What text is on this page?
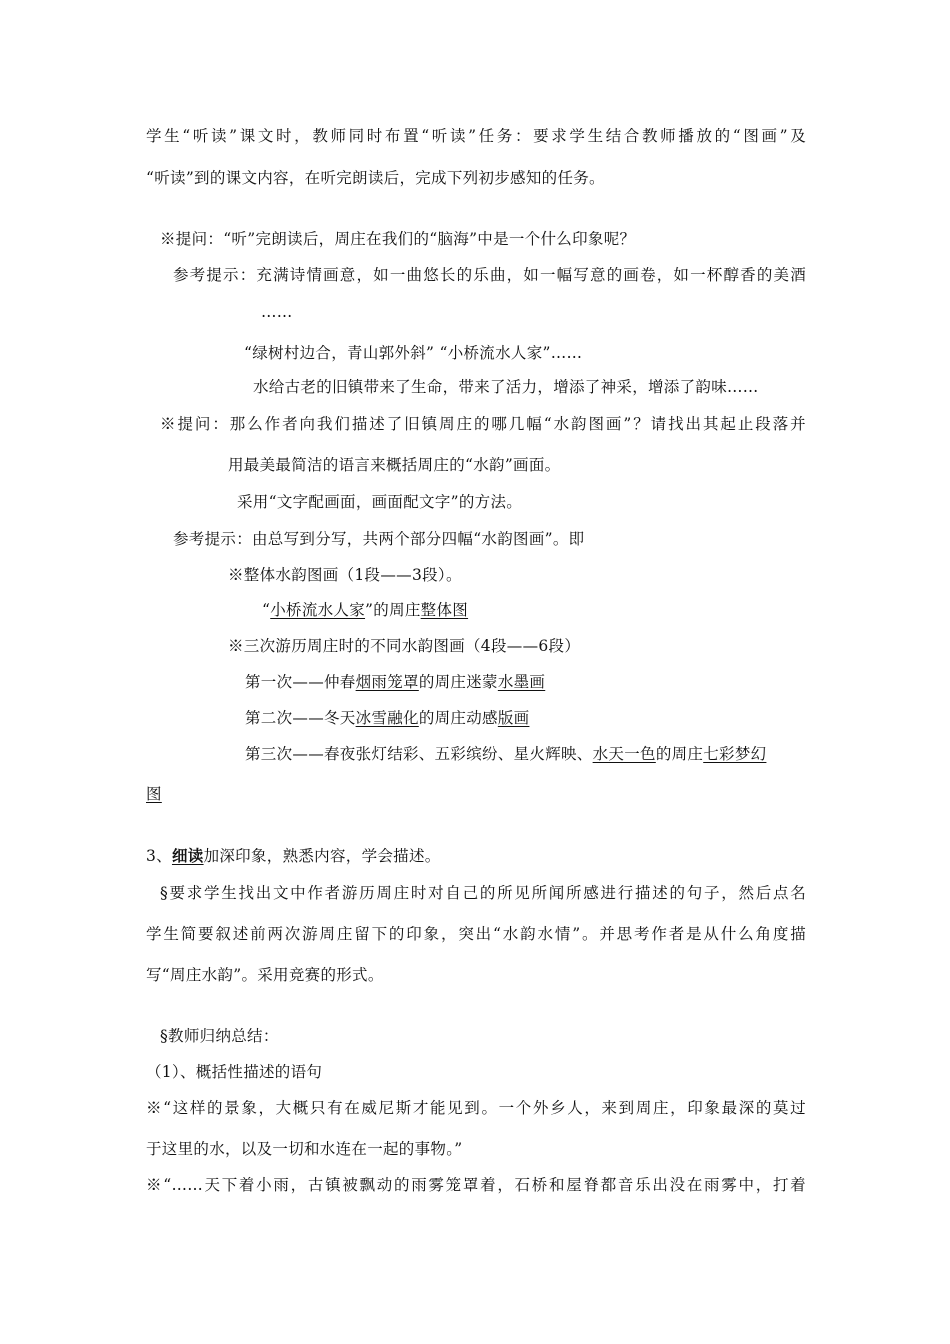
学生“听读”课文时，教师同时布置“听读”任务：要求学生结合教师播放的“图画”及
“听读”到的课文内容，在听完朗读后，完成下列初步感知的任务。
※提问：“听”完朗读后，周庄在我们的“脑海”中是一个什么印象呢？
参考提示：充满诗情画意，如一曲悠长的乐曲，如一幅写意的画卷，如一杯醇香的美酒
……
“绿树村边合，青山郭外斜” “小桥流水人家”……
水给古老的旧镇带来了生命，带来了活力，增添了神采，增添了韵味……
※提问：那么作者向我们描述了旧镇周庄的哪几幅“水韵图画”？请找出其起止段落并
用最美最简洁的语言来概括周庄的“水韵”画面。
采用“文字配画面，画面配文字”的方法。
参考提示：由总写到分写，共两个部分四幅“水韵图画”。即
※整体水韵图画（1段——3段）。
“小桥流水人家”的周庄整体图
※三次游历周庄时的不同水韵图画（4段——6段）
第一次——仲春烟雨笼罩的周庄迷蒙水墨画
第二次——冬天冰雪融化的周庄动感版画
第三次——春夜张灯结彩、五彩缤纷、星火辉映、水天一色的周庄七彩梦幻
图
3、细读加深印象，熟悉内容，学会描述。
§要求学生找出文中作者游历周庄时对自己的所见所闻所感进行描述的句子，然后点名
学生简要叙述前两次游周庄留下的印象，突出“水韵水情”。并思考作者是从什么角度描
写“周庄水韵”。采用竞赛的形式。
§教师归纳总结：
（1）、概括性描述的语句
※“这样的景象，大概只有在威尼斯才能见到。一个外乡人，来到周庄，印象最深的莫过
于这里的水，以及一切和水连在一起的事物。”
※“……天下着小雨，古镇被飘动的雨雾笼罩着，石桥和屋脊都音乐出没在雨雾中，打着
